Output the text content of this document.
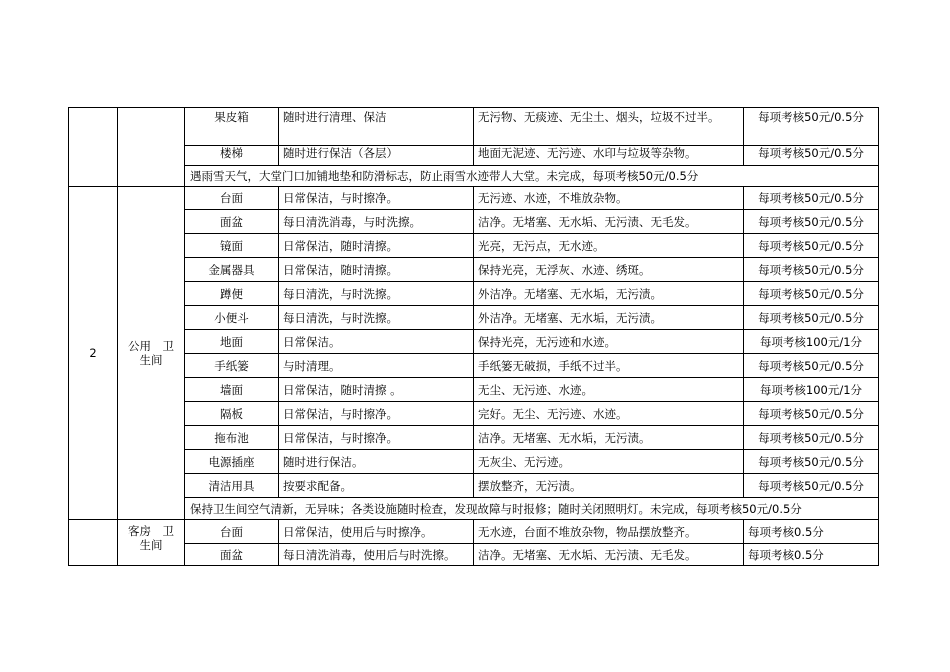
		果皮箱	随时进行清理、保洁	无污物、无痰迹、无尘土、烟头，垃圾不过半。	每项考核50元/0.5分
		楼梯	随时进行保洁（各层）	地面无泥迹、无污迹、水印与垃圾等杂物。	每项考核50元/0.5分
		遇雨雪天气，大堂门口加铺地垫和防滑标志，防止雨雪水迹带人大堂。未完成，每项考核50元/0.5分			
2	公用　卫生间	台面	日常保洁，与时擦净。	无污迹、水迹，不堆放杂物。	每项考核50元/0.5分
		面盆	每日清洗消毒，与时洗擦。	洁净。无堵塞、无水垢、无污渍、无毛发。	每项考核50元/0.5分
		镜面	日常保洁，随时清擦。	光亮，无污点，无水迹。	每项考核50元/0.5分
		金属器具	日常保洁，随时清擦。	保持光亮，无浮灰、水迹、绣斑。	每项考核50元/0.5分
		蹲便	每日清洗，与时洗擦。	外洁净。无堵塞、无水垢，无污渍。	每项考核50元/0.5分
		小便斗	每日清洗，与时洗擦。	外洁净。无堵塞、无水垢，无污渍。	每项考核50元/0.5分
		地面	日常保洁。	保持光亮，无污迹和水迹。	每项考核100元/1分
		手纸篓	与时清理。	手纸篓无破损，手纸不过半。	每项考核50元/0.5分
		墙面	日常保洁，随时清擦 。	无尘、无污迹、水迹。	每项考核100元/1分
		隔板	日常保洁，与时擦净。	完好。无尘、无污迹、水迹。	每项考核50元/0.5分
		拖布池	日常保洁，与时擦净。	洁净。无堵塞、无水垢，无污渍。	每项考核50元/0.5分
		电源插座	随时进行保洁。	无灰尘、无污迹。	每项考核50元/0.5分
		清洁用具	按要求配备。	摆放整齐，无污渍。	每项考核50元/0.5分
		保持卫生间空气清新，无异味；各类设施随时检查，发现故障与时报修；随时关闭照明灯。未完成，每项考核50元/0.5分			
	客房　卫生间	台面	日常保洁，使用后与时擦净。	无水迹，台面不堆放杂物，物品摆放整齐。	每项考核0.5分
		面盆	每日清洗消毒，使用后与时洗擦。	洁净。无堵塞、无水垢、无污渍、无毛发。	每项考核0.5分
